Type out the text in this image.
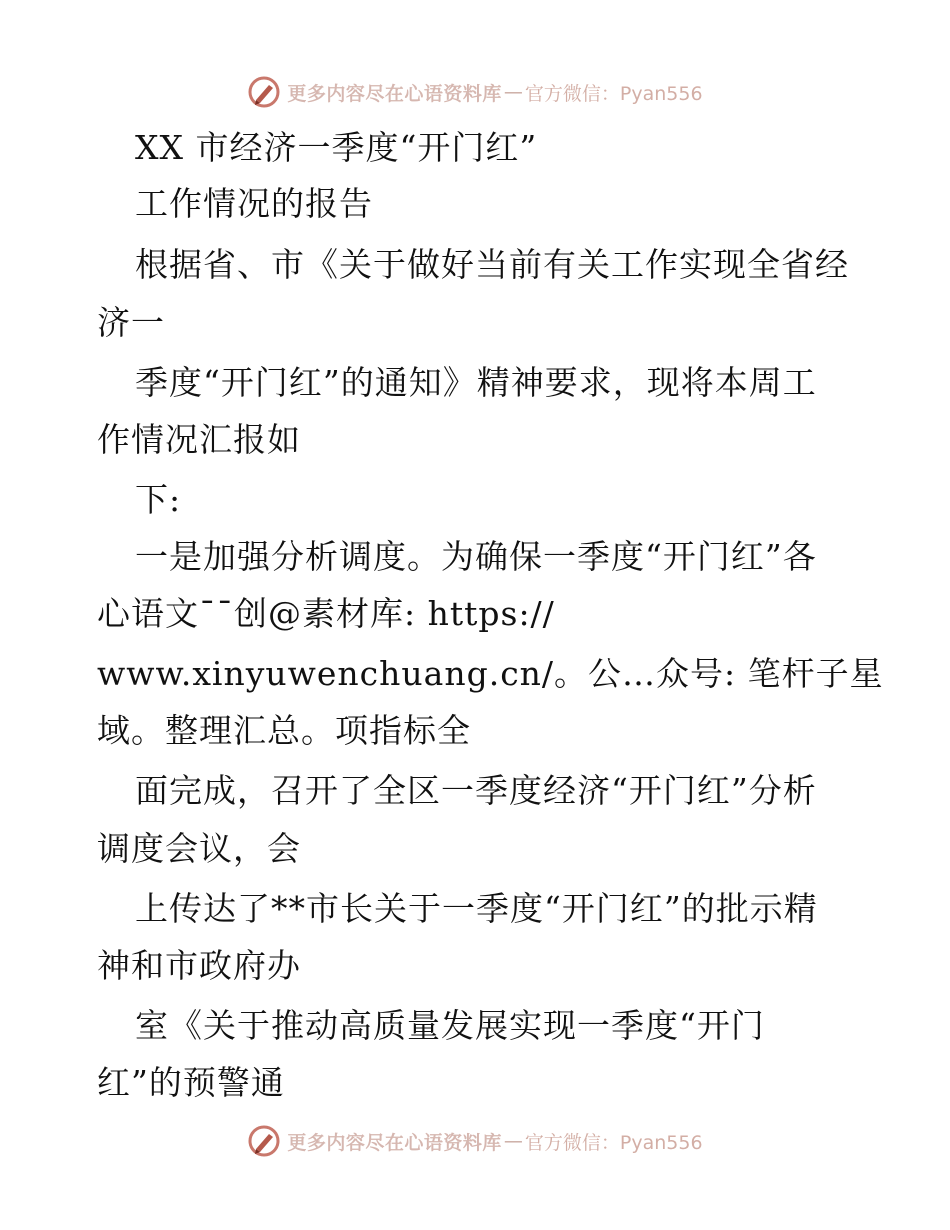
更多内容尽在心语资料库 — 官方微信：Pyan556
XX 市经济一季度“开门红”
工作情况的报告
根据省、市《关于做好当前有关工作实现全省经
济一
季度“开门红”的通知》精神要求，现将本周工
作情况汇报如
下:
一是加强分析调度。为确保一季度“开门红”各
心语文¯¯创@素材库: https://
www.xinyuwenchuang.cn/。公…众号: 笔杆子星
域。整理汇总。项指标全
面完成，召开了全区一季度经济“开门红”分析
调度会议，会
上传达了**市长关于一季度“开门红”的批示精
神和市政府办
室《关于推动高质量发展实现一季度“开门
红”的预警通
更多内容尽在心语资料库 — 官方微信：Pyan556
